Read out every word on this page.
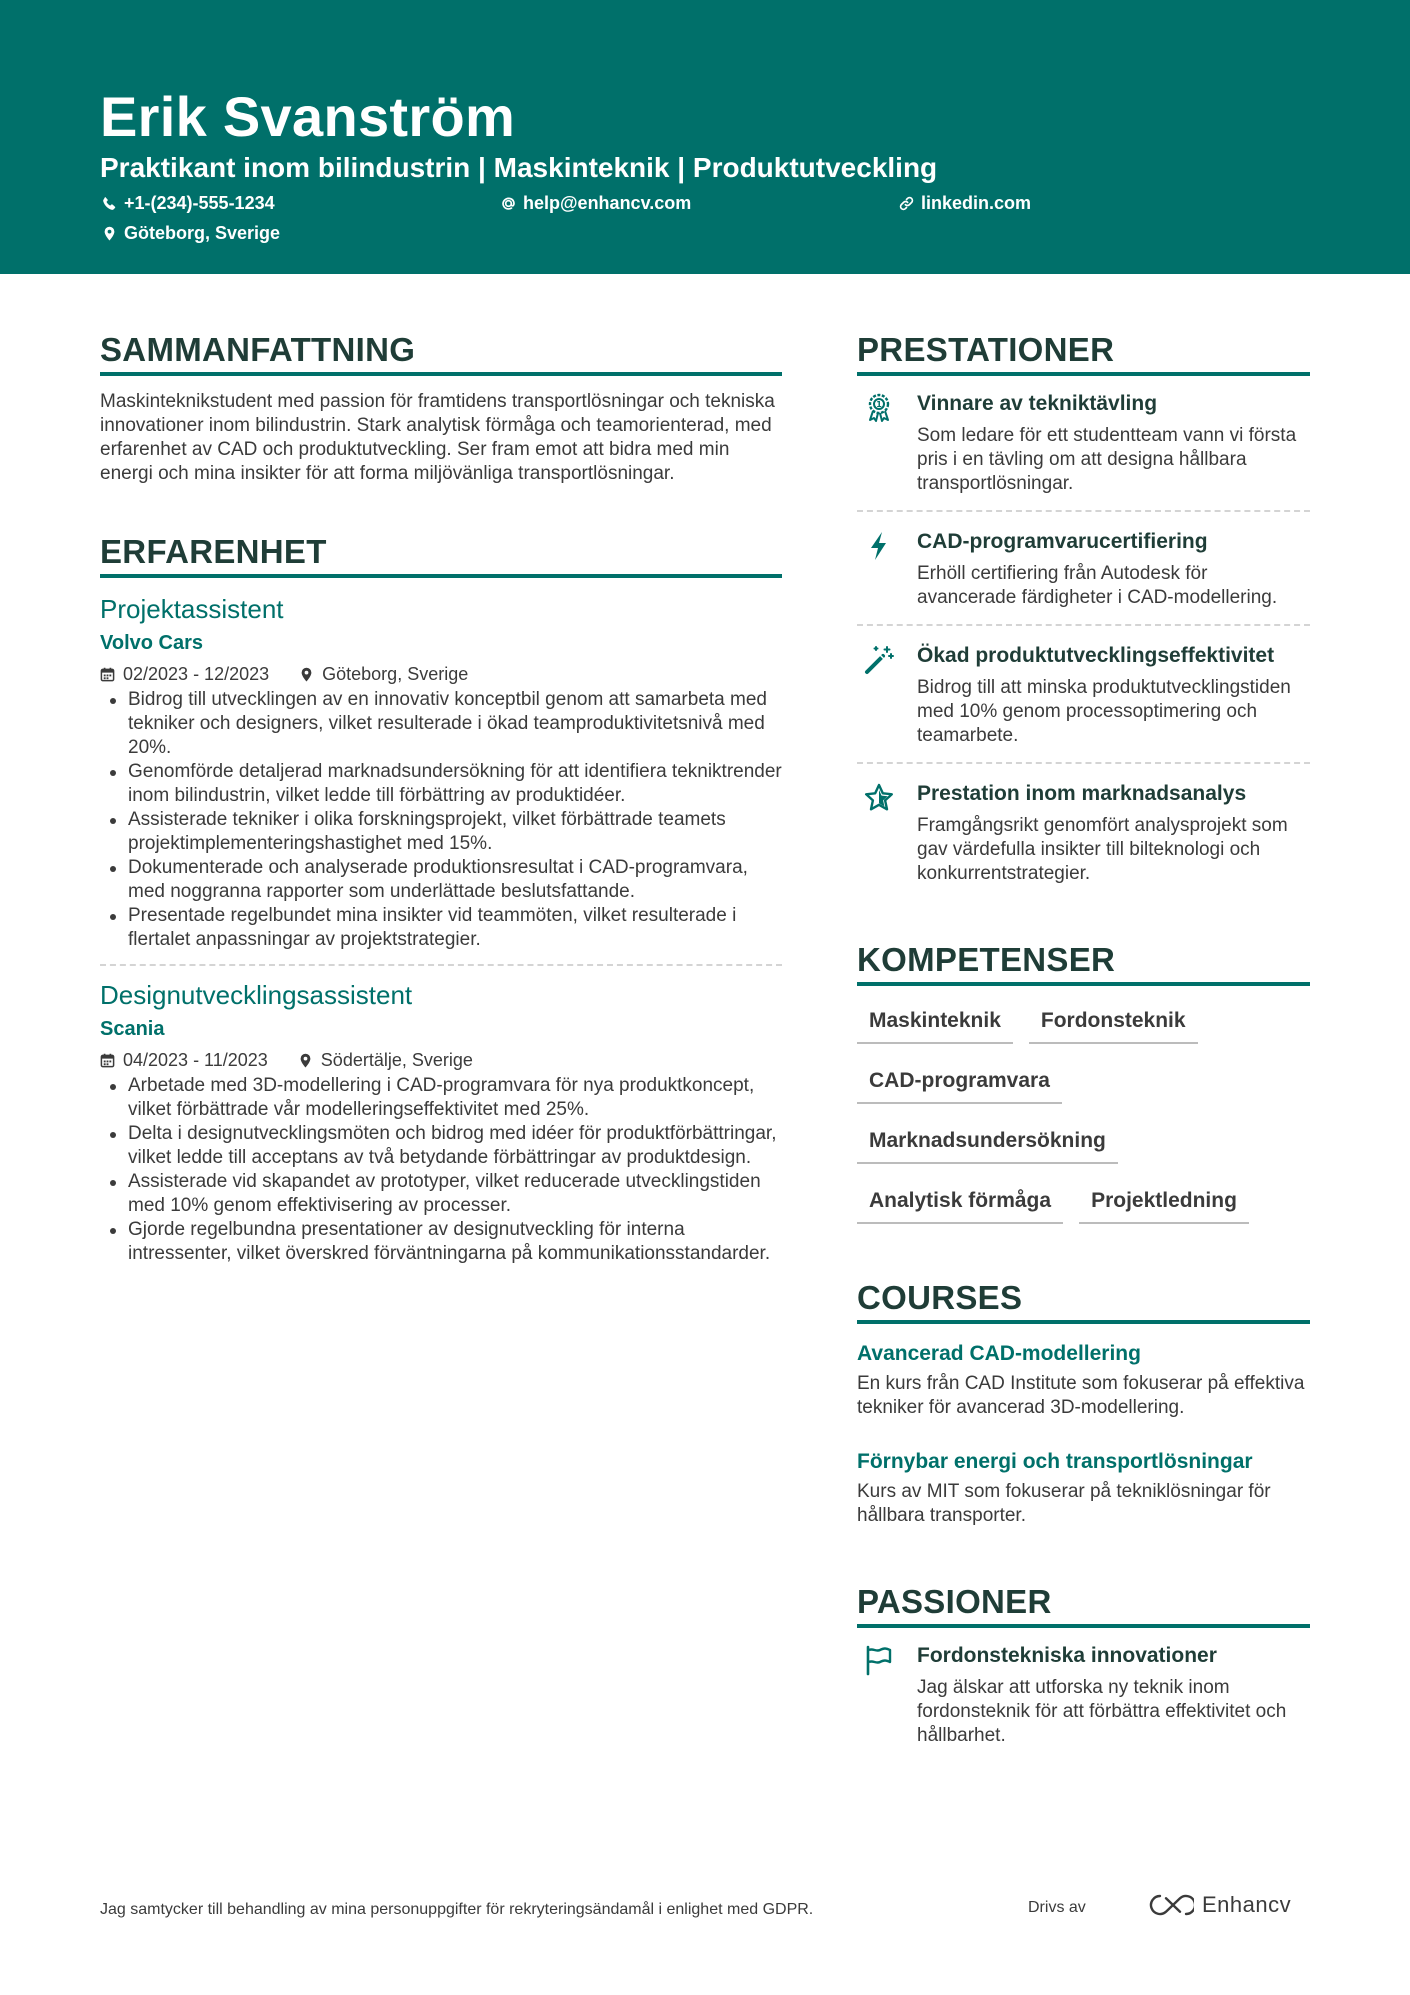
Erik Svanström
Praktikant inom bilindustrin | Maskinteknik | Produktutveckling
+1-(234)-555-1234	help@enhancv.com	linkedin.com
Göteborg, Sverige
SAMMANFATTNING

Maskinteknikstudent med passion för framtidens transportlösningar och tekniska innovationer inom bilindustrin. Stark analytisk förmåga och teamorienterad, med erfarenhet av CAD och produktutveckling. Ser fram emot att bidra med min energi och mina insikter för att forma miljövänliga transportlösningar.

ERFARENHET
Projektassistent
Volvo Cars
02/2023 - 12/2023	Göteborg, Sverige
Bidrog till utvecklingen av en innovativ konceptbil genom att samarbeta med tekniker och designers, vilket resulterade i ökad teamproduktivitetsnivå med 20%.
Genomförde detaljerad marknadsundersökning för att identifiera tekniktrender inom bilindustrin, vilket ledde till förbättring av produktidéer.
Assisterade tekniker i olika forskningsprojekt, vilket förbättrade teamets projektimplementeringshastighet med 15%.
Dokumenterade och analyserade produktionsresultat i CAD-programvara, med noggranna rapporter som underlättade beslutsfattande.
Presentade regelbundet mina insikter vid teammöten, vilket resulterade i flertalet anpassningar av projektstrategier.
Designutvecklingsassistent
Scania
04/2023 - 11/2023	Södertälje, Sverige
Arbetade med 3D-modellering i CAD-programvara för nya produktkoncept, vilket förbättrade vår modelleringseffektivitet med 25%.
Delta i designutvecklingsmöten och bidrog med idéer för produktförbättringar, vilket ledde till acceptans av två betydande förbättringar av produktdesign.
Assisterade vid skapandet av prototyper, vilket reducerade utvecklingstiden med 10% genom effektivisering av processer.
Gjorde regelbundna presentationer av designutveckling för interna intressenter, vilket överskred förväntningarna på kommunikationsstandarder.
PRESTATIONER
1 Vinnare av tekniktävling
Som ledare för ett studentteam vann vi första pris i en tävling om att designa hållbara transportlösningar.
CAD-programvarucertifiering
Erhöll certifiering från Autodesk för avancerade färdigheter i CAD-modellering.
Ökad produktutvecklingseffektivitet
Bidrog till att minska produktutvecklingstiden med 10% genom processoptimering och teamarbete.
Prestation inom marknadsanalys
Framgångsrikt genomfört analysprojekt som gav värdefulla insikter till bilteknologi och konkurrentstrategier.
KOMPETENSER
Maskinteknik	Fordonsteknik
CAD-programvara
Marknadsundersökning
Analytisk förmåga	Projektledning
COURSES
Avancerad CAD-modellering
En kurs från CAD Institute som fokuserar på effektiva tekniker för avancerad 3D-modellering.
Förnybar energi och transportlösningar
Kurs av MIT som fokuserar på tekniklösningar för hållbara transporter.
PASSIONER
Fordonstekniska innovationer
Jag älskar att utforska ny teknik inom fordonsteknik för att förbättra effektivitet och hållbarhet.
Jag samtycker till behandling av mina personuppgifter för rekryteringsändamål i enlighet med GDPR.	Drivs av	Enhancv
